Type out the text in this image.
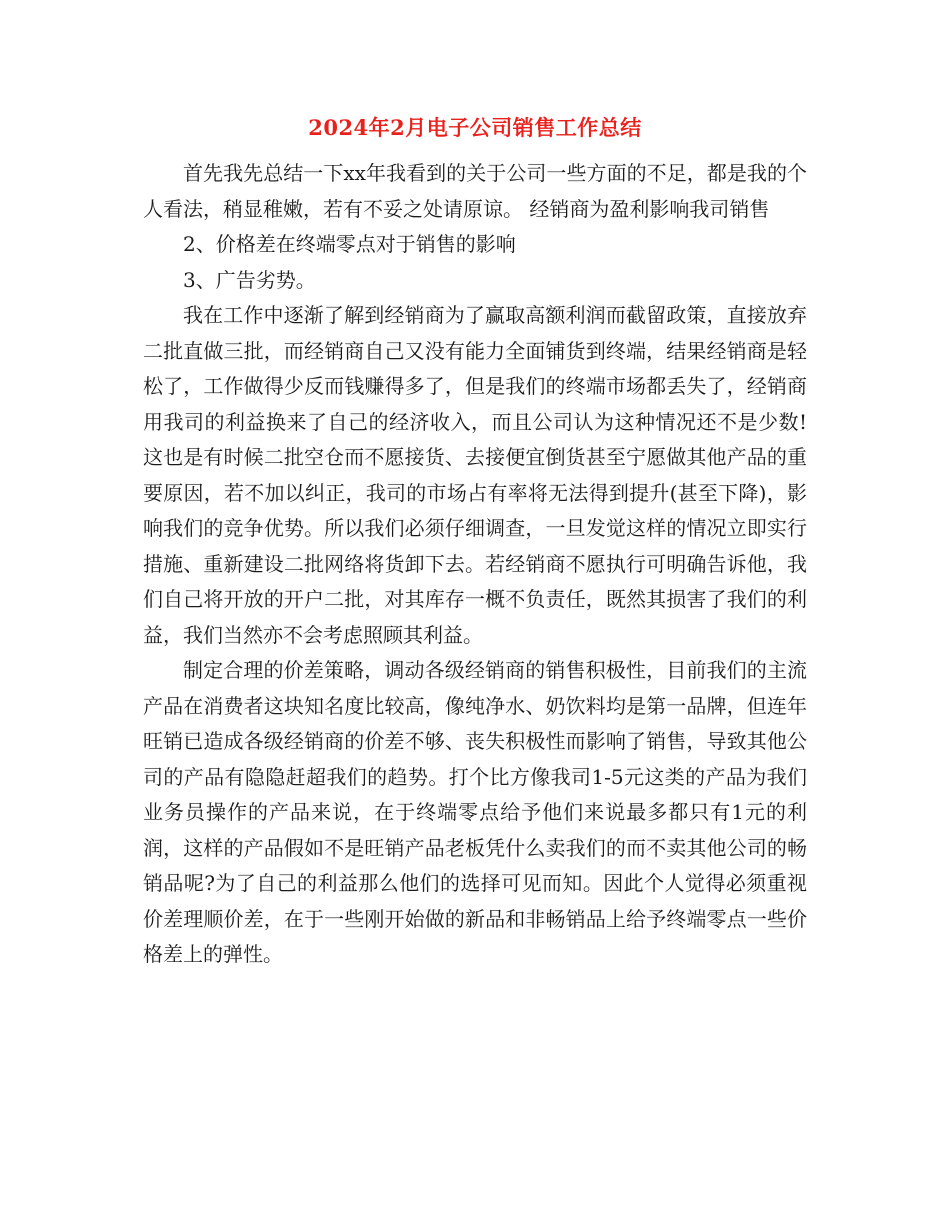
2024年2月电子公司销售工作总结

首先我先总结一下xx年我看到的关于公司一些方面的不足，都是我的个人看法，稍显稚嫩，若有不妥之处请原谅。 经销商为盈利影响我司销售

2、价格差在终端零点对于销售的影响

3、广告劣势。

我在工作中逐渐了解到经销商为了赢取高额利润而截留政策，直接放弃二批直做三批，而经销商自己又没有能力全面铺货到终端，结果经销商是轻松了，工作做得少反而钱赚得多了，但是我们的终端市场都丢失了，经销商用我司的利益换来了自己的经济收入，而且公司认为这种情况还不是少数!这也是有时候二批空仓而不愿接货、去接便宜倒货甚至宁愿做其他产品的重要原因，若不加以纠正，我司的市场占有率将无法得到提升(甚至下降)，影响我们的竞争优势。所以我们必须仔细调查，一旦发觉这样的情况立即实行措施、重新建设二批网络将货卸下去。若经销商不愿执行可明确告诉他，我们自己将开放的开户二批，对其库存一概不负责任，既然其损害了我们的利益，我们当然亦不会考虑照顾其利益。

制定合理的价差策略，调动各级经销商的销售积极性，目前我们的主流产品在消费者这块知名度比较高，像纯净水、奶饮料均是第一品牌，但连年旺销已造成各级经销商的价差不够、丧失积极性而影响了销售，导致其他公司的产品有隐隐赶超我们的趋势。打个比方像我司1-5元这类的产品为我们业务员操作的产品来说，在于终端零点给予他们来说最多都只有1元的利润，这样的产品假如不是旺销产品老板凭什么卖我们的而不卖其他公司的畅销品呢?为了自己的利益那么他们的选择可见而知。因此个人觉得必须重视价差理顺价差，在于一些刚开始做的新品和非畅销品上给予终端零点一些价格差上的弹性。
